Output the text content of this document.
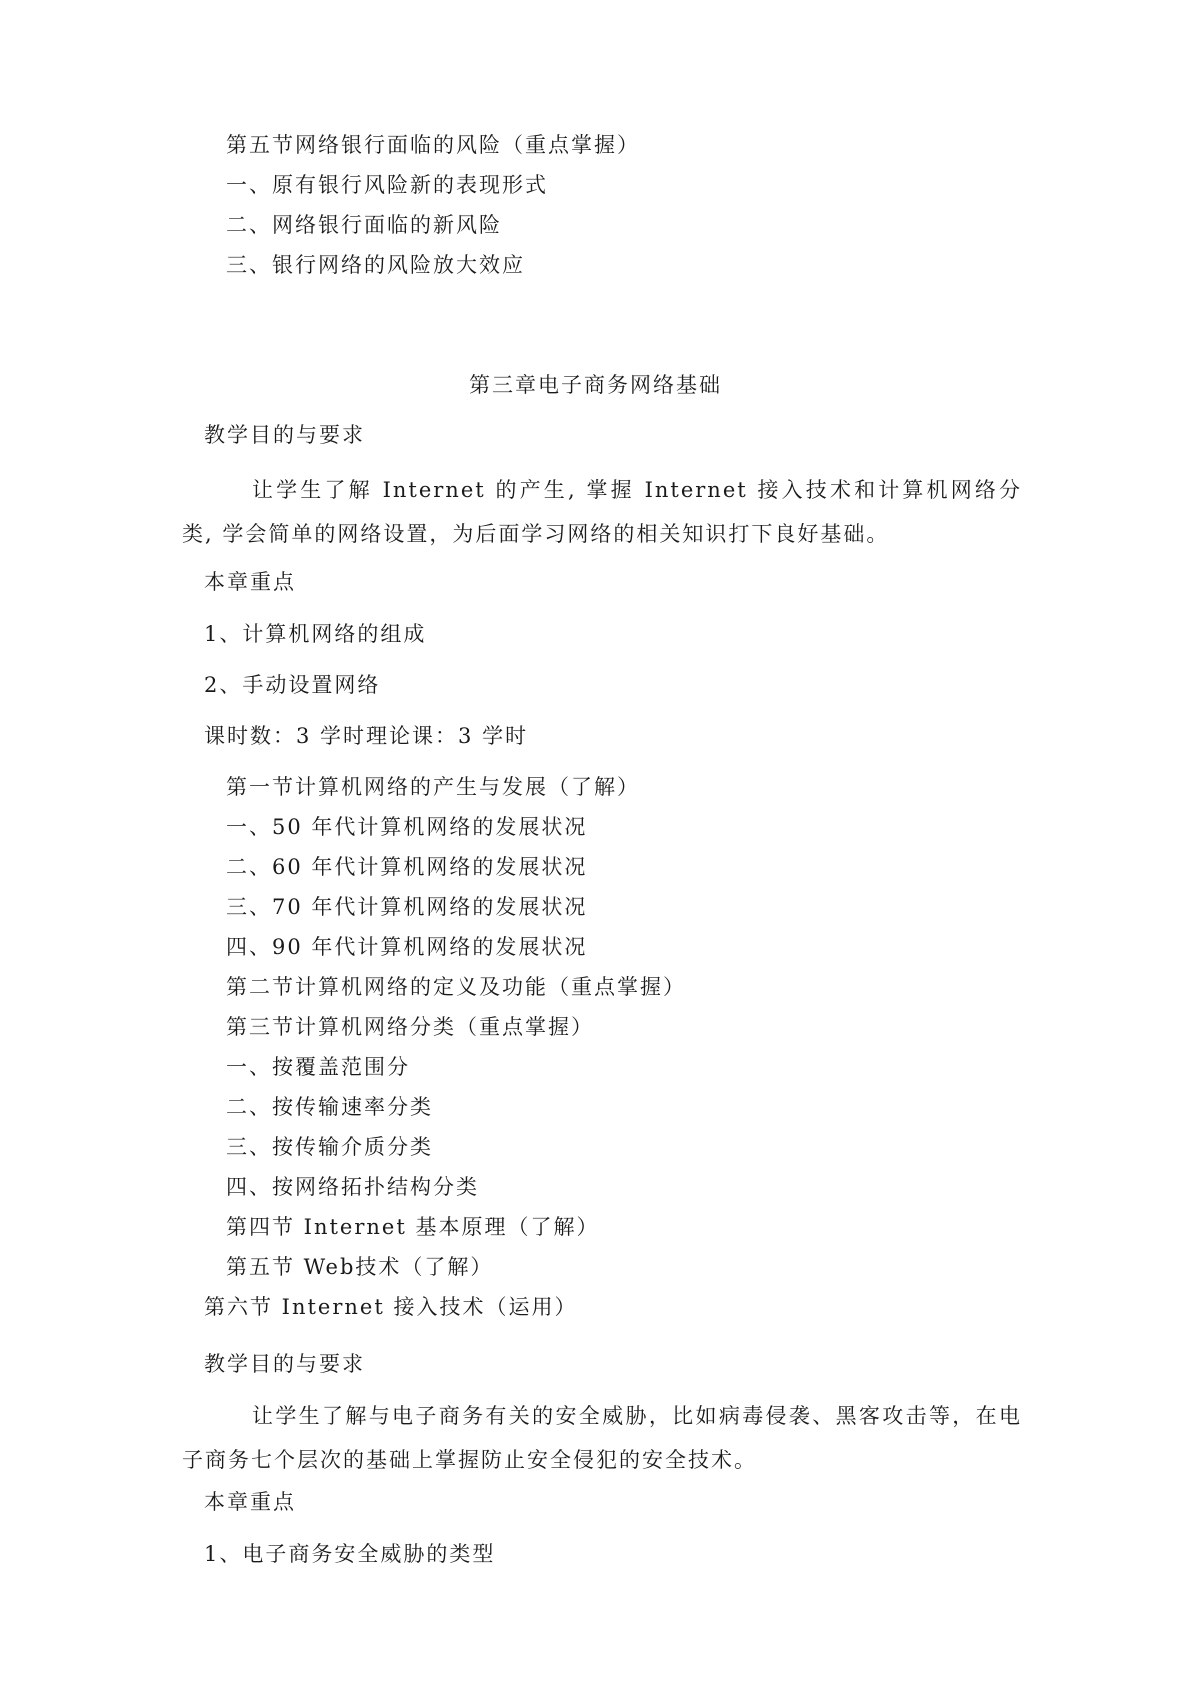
第五节网络银行面临的风险（重点掌握）

一、原有银行风险新的表现形式

二、网络银行面临的新风险

三、银行网络的风险放大效应

第三章电子商务网络基础

教学目的与要求

让学生了解 Internet 的产生, 掌握 Internet 接入技术和计算机网络分类, 学会简单的网络设置，为后面学习网络的相关知识打下良好基础。

本章重点

1、计算机网络的组成

2、手动设置网络

课时数：3 学时理论课：3 学时

第一节计算机网络的产生与发展（了解）

一、50 年代计算机网络的发展状况

二、60 年代计算机网络的发展状况

三、70 年代计算机网络的发展状况

四、90 年代计算机网络的发展状况

第二节计算机网络的定义及功能（重点掌握）

第三节计算机网络分类（重点掌握）

一、按覆盖范围分

二、按传输速率分类

三、按传输介质分类

四、按网络拓扑结构分类

第四节 Internet 基本原理（了解）

第五节 Web技术（了解）

第六节 Internet 接入技术（运用）

教学目的与要求

让学生了解与电子商务有关的安全威胁，比如病毒侵袭、黑客攻击等，在电子商务七个层次的基础上掌握防止安全侵犯的安全技术。

本章重点

1、电子商务安全威胁的类型
